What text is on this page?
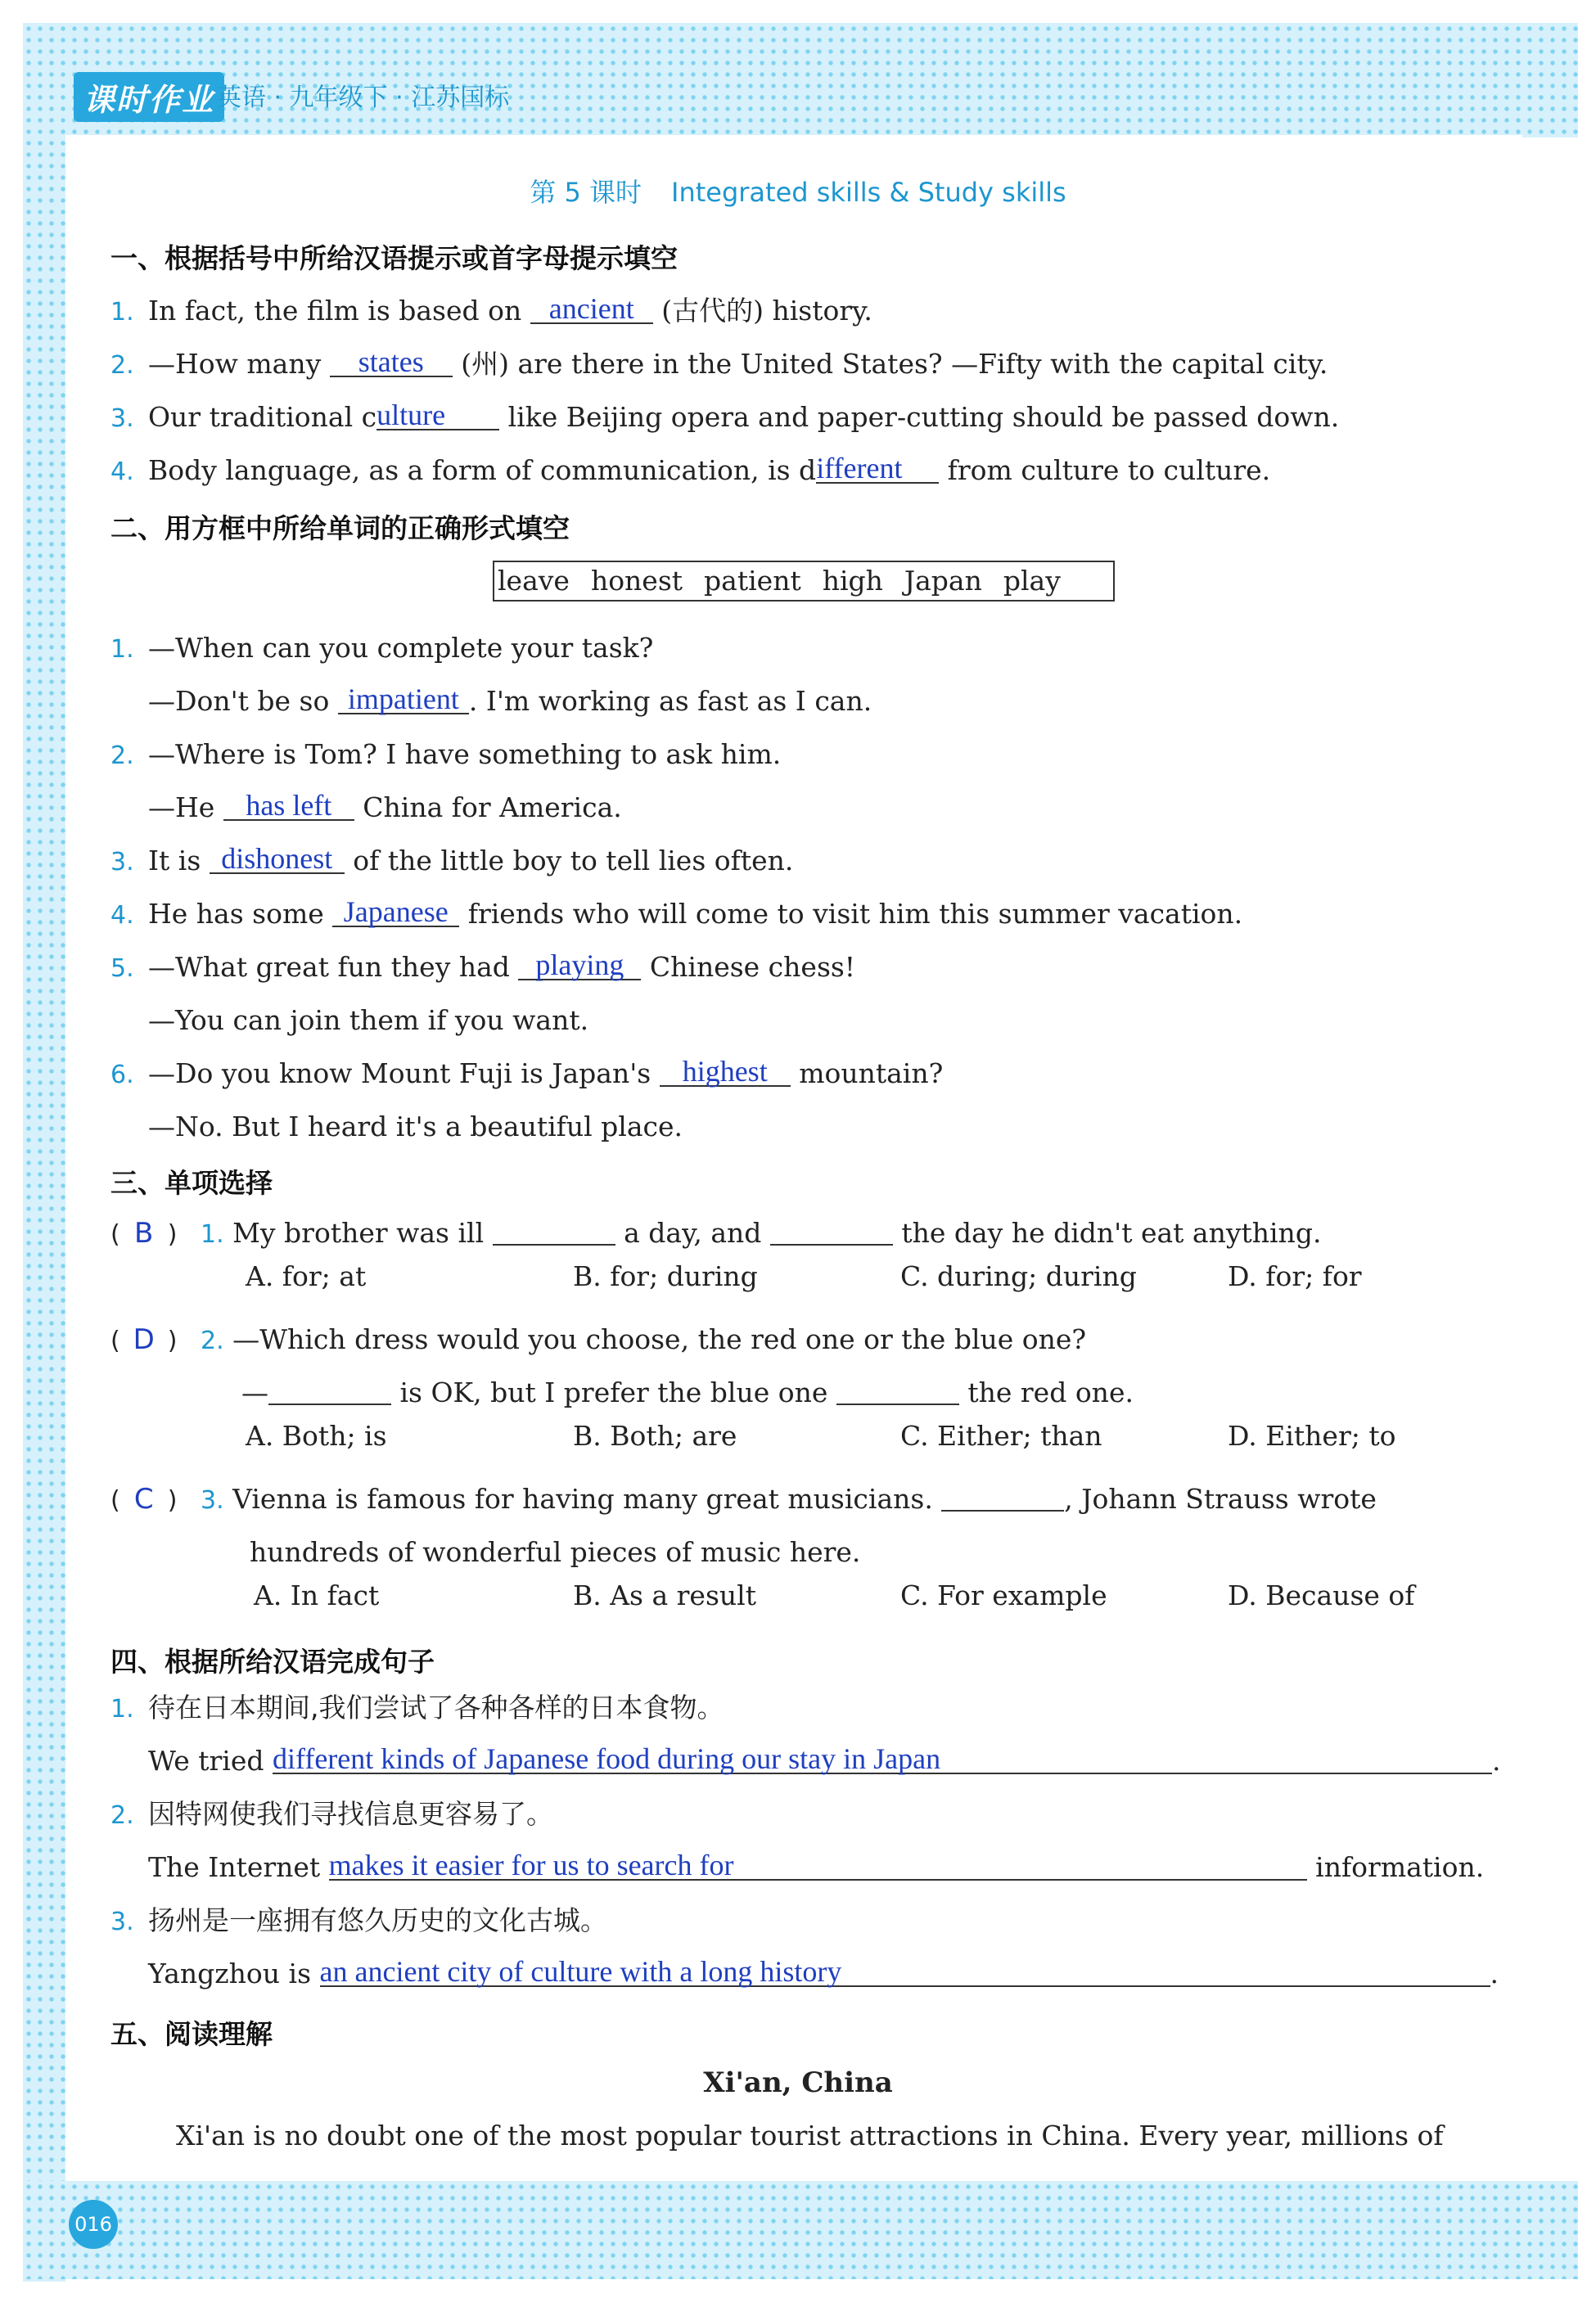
课时作业 英语 · 九年级下 · 江苏国标
第 5 课时 Integrated skills & Study skills
一、根据括号中所给汉语提示或首字母提示填空
1. In fact, the film is based on ancient (古代的) history.
2. —How many states (州) are there in the United States? —Fifty with the capital city.
3. Our traditional culture like Beijing opera and paper-cutting should be passed down.
4. Body language, as a form of communication, is different from culture to culture.
二、用方框中所给单词的正确形式填空
leave honest patient high Japan play
1. —When can you complete your task?
—Don't be so impatient . I'm working as fast as I can.
2. —Where is Tom? I have something to ask him.
—He has left China for America.
3. It is dishonest of the little boy to tell lies often.
4. He has some Japanese friends who will come to visit him this summer vacation.
5. —What great fun they had playing Chinese chess!
—You can join them if you want.
6. —Do you know Mount Fuji is Japan's highest mountain?
—No. But I heard it's a beautiful place.
三、单项选择
( B ) 1. My brother was ill	a day, and	the day he didn't eat anything.
A. for; at	B. for; during	C. during; during	D. for; for
( D ) 2. —Which dress would you choose, the red one or the blue one?
—	is OK, but I prefer the blue one	the red one.
A. Both; is	B. Both; are	C. Either; than	D. Either; to
( C ) 3. Vienna is famous for having many great musicians.	, Johann Strauss wrote
hundreds of wonderful pieces of music here.
A. In fact	B. As a result	C. For example	D. Because of
四、根据所给汉语完成句子
1. 待在日本期间,我们尝试了各种各样的日本食物。
We tried different kinds of Japanese food during our stay in Japan	.
2. 因特网使我们寻找信息更容易了。
The Internet makes it easier for us to search for	information.
3. 扬州是一座拥有悠久历史的文化古城。
Yangzhou is an ancient city of culture with a long history	.
五、阅读理解
Xi'an, China
Xi'an is no doubt one of the most popular tourist attractions in China. Every year, millions of
016
